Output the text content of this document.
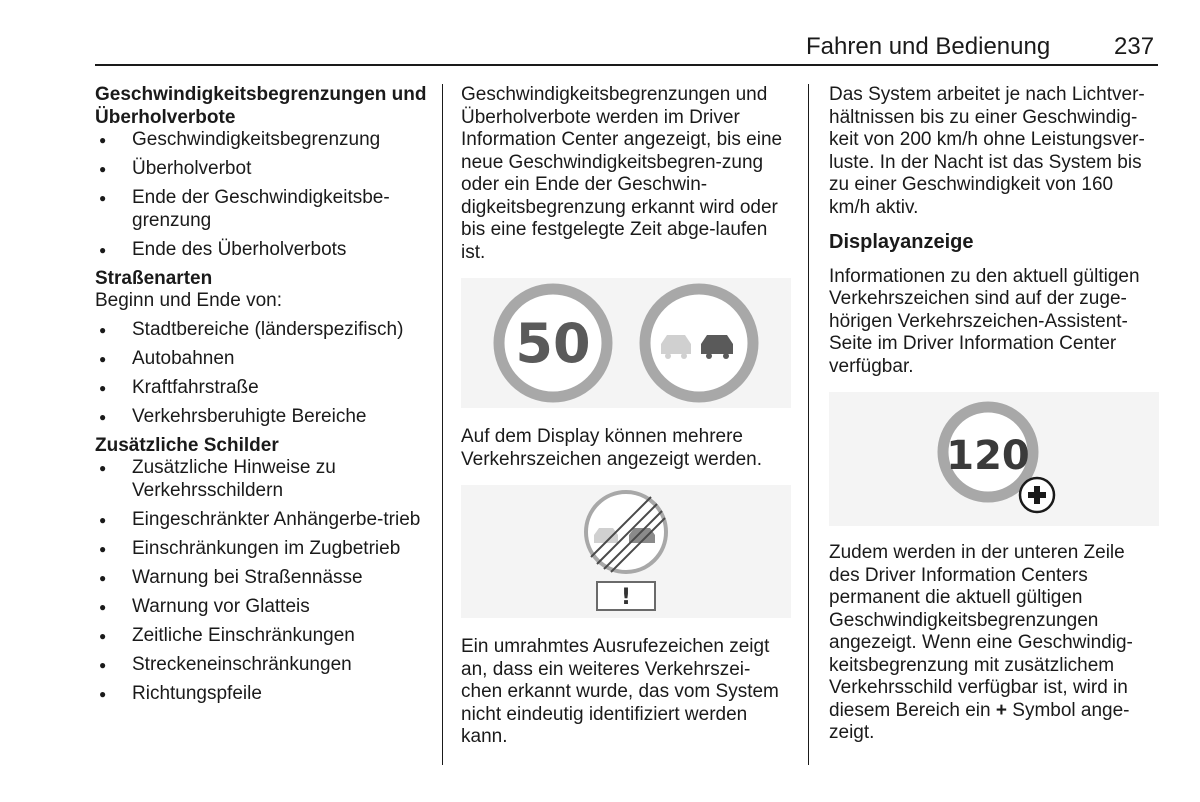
Fahren und Bedienung	237

Geschwindigkeitsbegrenzungen und Überholverbote

● Geschwindigkeitsbegrenzung
● Überholverbot
● Ende der Geschwindigkeitsbe-grenzung
● Ende des Überholverbots

Straßenarten

Beginn und Ende von:

● Stadtbereiche (länderspezifisch)
● Autobahnen
● Kraftfahrstraße
● Verkehrsberuhigte Bereiche

Zusätzliche Schilder

● Zusätzliche Hinweise zu Verkehrsschildern
● Eingeschränkter Anhängerbe-trieb
● Einschränkungen im Zugbetrieb
● Warnung bei Straßennässe
● Warnung vor Glatteis
● Zeitliche Einschränkungen
● Streckeneinschränkungen
● Richtungspfeile

Geschwindigkeitsbegrenzungen und Überholverbote werden im Driver Information Center angezeigt, bis eine neue Geschwindigkeitsbegren-zung oder ein Ende der Geschwin-digkeitsbegrenzung erkannt wird oder bis eine festgelegte Zeit abge-laufen ist.

50

Auf dem Display können mehrere Verkehrszeichen angezeigt werden.

!

Ein umrahmtes Ausrufezeichen zeigt an, dass ein weiteres Verkehrszei-chen erkannt wurde, das vom System nicht eindeutig identifiziert werden kann.

Das System arbeitet je nach Lichtver-hältnissen bis zu einer Geschwindig-keit von 200 km/h ohne Leistungsver-luste. In der Nacht ist das System bis zu einer Geschwindigkeit von 160 km/h aktiv.

Displayanzeige

Informationen zu den aktuell gültigen Verkehrszeichen sind auf der zuge-hörigen Verkehrszeichen-Assistent-Seite im Driver Information Center verfügbar.

120

Zudem werden in der unteren Zeile des Driver Information Centers permanent die aktuell gültigen Geschwindigkeitsbegrenzungen angezeigt. Wenn eine Geschwindig-keitsbegrenzung mit zusätzlichem Verkehrsschild verfügbar ist, wird in diesem Bereich ein + Symbol ange-zeigt.
